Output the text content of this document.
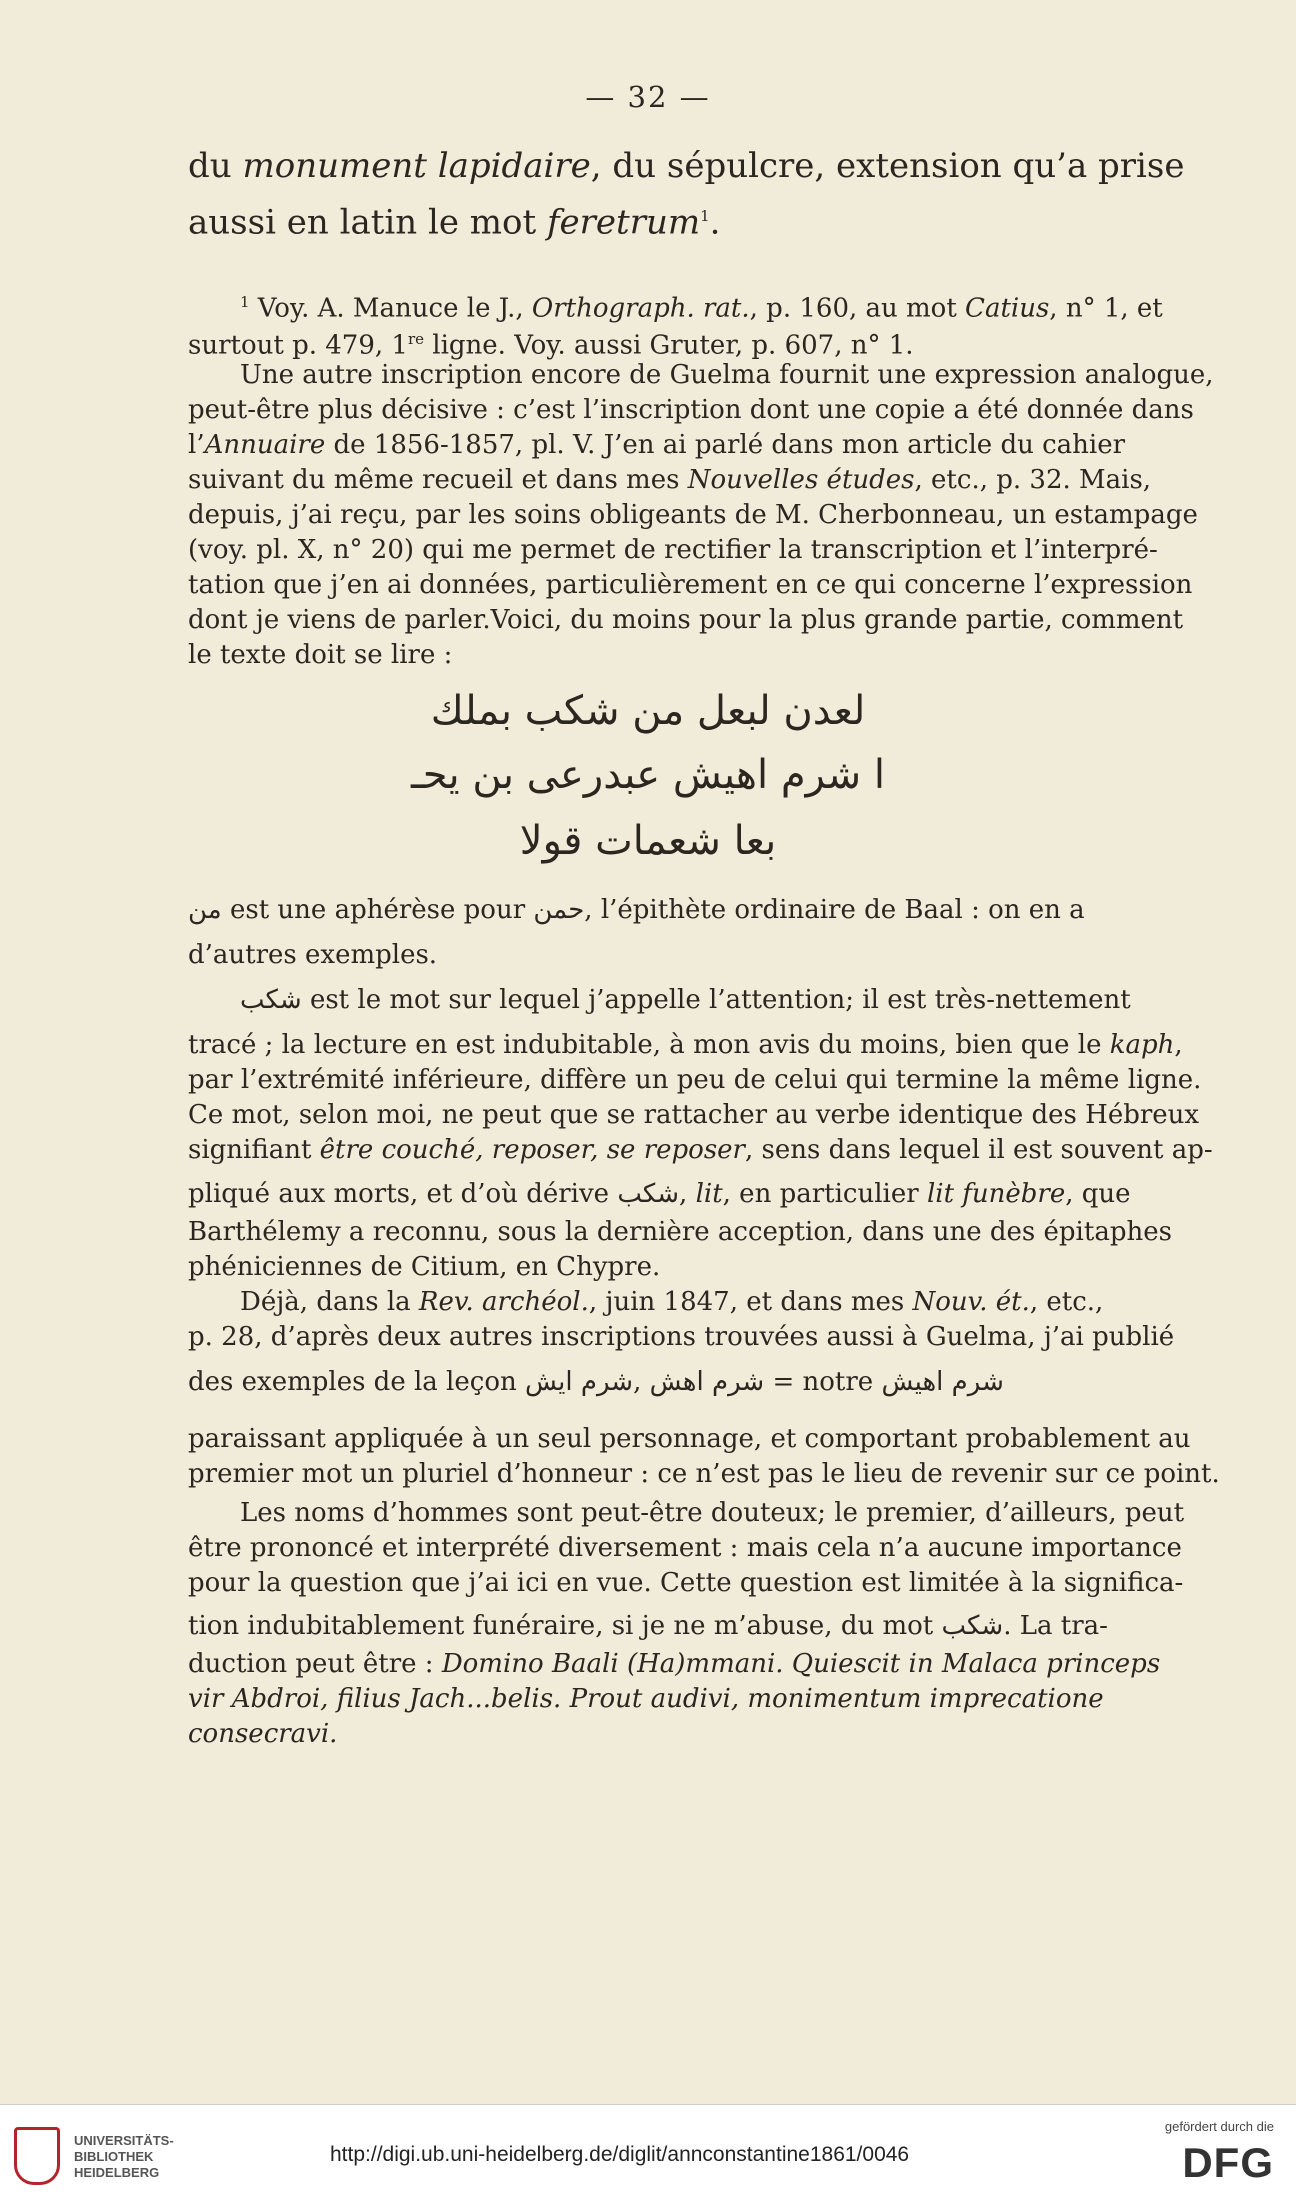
— 32 —
du monument lapidaire, du sépulcre, extension qu’a prise
aussi en latin le mot feretrum$^1$.
$^1$ Voy. A. Manuce le J., Orthograph. rat., p. 160, au mot Catius, n° 1, et
surtout p. 479, 1re ligne. Voy. aussi Gruter, p. 607, n° 1.
Une autre inscription encore de Guelma fournit une expression analogue,
peut-être plus décisive : c’est l’inscription dont une copie a été donnée dans
l’Annuaire de 1856-1857, pl. V. J’en ai parlé dans mon article du cahier
suivant du même recueil et dans mes Nouvelles études, etc., p. 32. Mais,
depuis, j’ai reçu, par les soins obligeants de M. Cherbonneau, un estampage
(voy. pl. X, n° 20) qui me permet de rectifier la transcription et l’interpré-
tation que j’en ai données, particulièrement en ce qui concerne l’expression
dont je viens de parler.Voici, du moins pour la plus grande partie, comment
le texte doit se lire :
لعدن لبعل من شكب بملك
ا شرم اهيش عبدرعى بن يحـ
بعا شعمات قولا
من est une aphérèse pour حمن, l’épithète ordinaire de Baal : on en a
d’autres exemples.
شكب est le mot sur lequel j’appelle l’attention; il est très-nettement
tracé ; la lecture en est indubitable, à mon avis du moins, bien que le kaph,
par l’extrémité inférieure, diffère un peu de celui qui termine la même ligne.
Ce mot, selon moi, ne peut que se rattacher au verbe identique des Hébreux
signifiant être couché, reposer, se reposer, sens dans lequel il est souvent ap-
pliqué aux morts, et d’où dérive شكب, lit, en particulier lit funèbre, que
Barthélemy a reconnu, sous la dernière acception, dans une des épitaphes
phéniciennes de Citium, en Chypre.
Déjà, dans la Rev. archéol., juin 1847, et dans mes Nouv. ét., etc.,
p. 28, d’après deux autres inscriptions trouvées aussi à Guelma, j’ai publié
des exemples de la leçon شرم ايش, شرم اهش = notre شرم اهيش
paraissant appliquée à un seul personnage, et comportant probablement au
premier mot un pluriel d’honneur : ce n’est pas le lieu de revenir sur ce point.
Les noms d’hommes sont peut-être douteux; le premier, d’ailleurs, peut
être prononcé et interprété diversement : mais cela n’a aucune importance
pour la question que j’ai ici en vue. Cette question est limitée à la significa-
tion indubitablement funéraire, si je ne m’abuse, du mot شكب. La tra-
duction peut être : Domino Baali (Ha)mmani. Quiescit in Malaca princeps
vir Abdroi, filius Jach...belis. Prout audivi, monimentum imprecatione
consecravi.
UNIVERSITÄTS-
BIBLIOTHEK
HEIDELBERG
http://digi.ub.uni-heidelberg.de/diglit/annconstantine1861/0046
gefördert durch die
DFG
